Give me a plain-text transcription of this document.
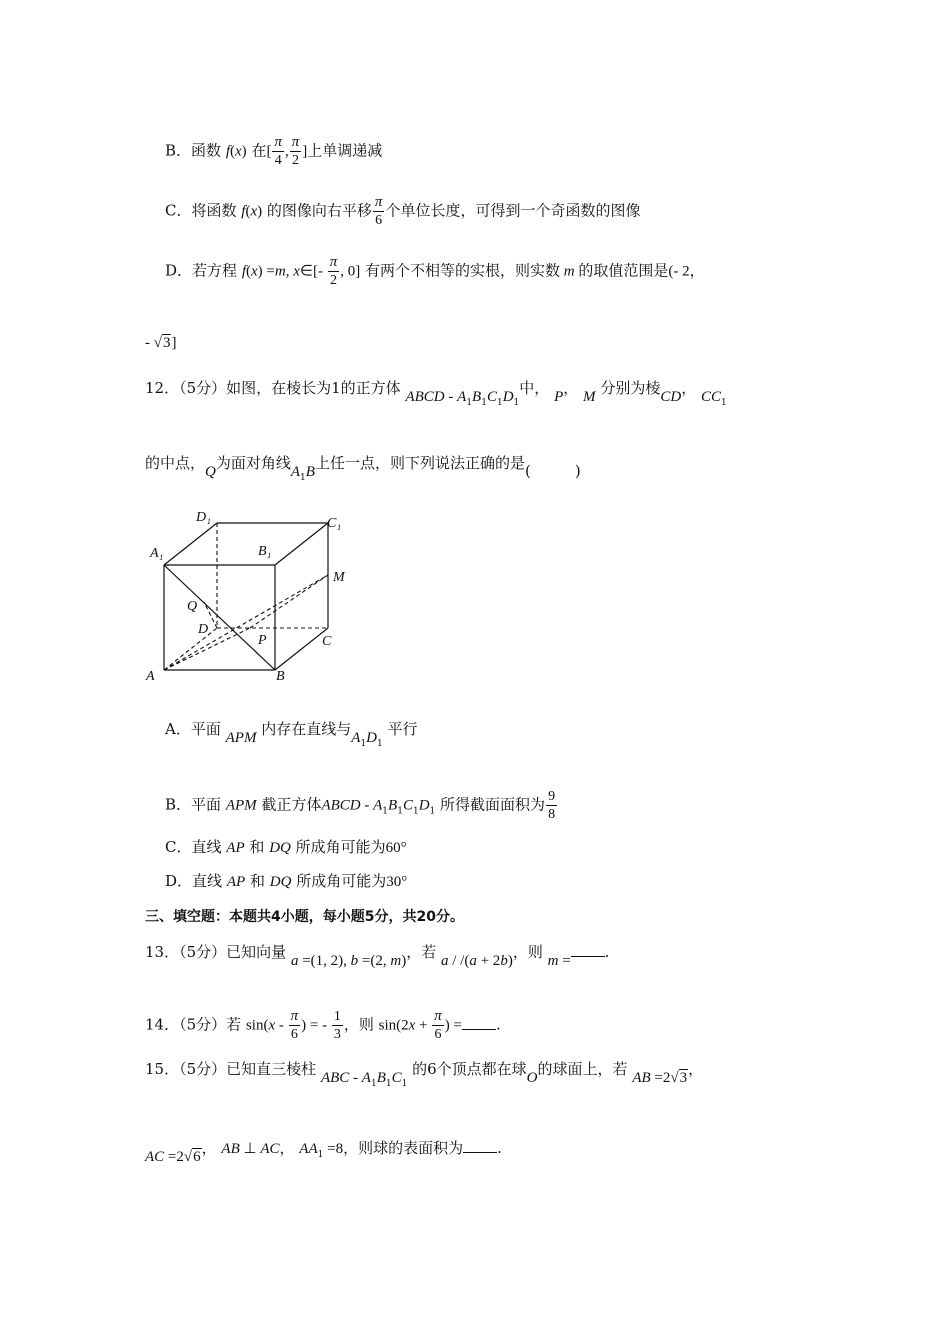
B．函数 f(x) 在[ $\frac{\pi}{4}$ , $\frac{\pi}{2}$ ]上单调递减
C．将函数 f(x) 的图像向右平移 $\frac{\pi}{6}$ 个单位长度，可得到一个奇函数的图像
D．若方程 f(x) =m, x∈[- $\frac{\pi}{2}$ , 0] 有两个不相等的实根，则实数 m 的取值范围是(- 2，
- √3]
12．（5分）如图，在棱长为1的正方体 ABCD - $A_1B_1C_1D_1$中， P， M 分别为棱CD， $CC_1$
的中点，Q为面对角线$A_1B$上任一点，则下列说法正确的是(	)
D₁	C₁
A₁	B₁
M
Q
D
P	C
A	B
A．平面 APM 内存在直线与$A_1D_1$ 平行
B．平面 APM 截正方体ABCD - $A_1B_1C_1D_1$ 所得截面面积为 $\frac{9}{8}$
C．直线 AP 和 DQ 所成角可能为60°
D．直线 AP 和 DQ 所成角可能为30°
三、填空题：本题共4小题，每小题5分，共20分。
13．（5分）已知向量 a =(1, 2), b =(2, m)，若 a / /(a + 2b)，则 m = .
14．（5分）若 $\sin(x - \frac{\pi}{6}$ ) = - $\frac{1}{3}$ ，则 $\sin(2x + \frac{\pi}{6}$ ) = .
15．（5分）已知直三棱柱 ABC - $A_1B_1C_1$ 的6个顶点都在球O的球面上，若 AB =2√3，
AC =2√6， AB ⊥ AC， $AA_1 =8$，则球的表面积为 .
